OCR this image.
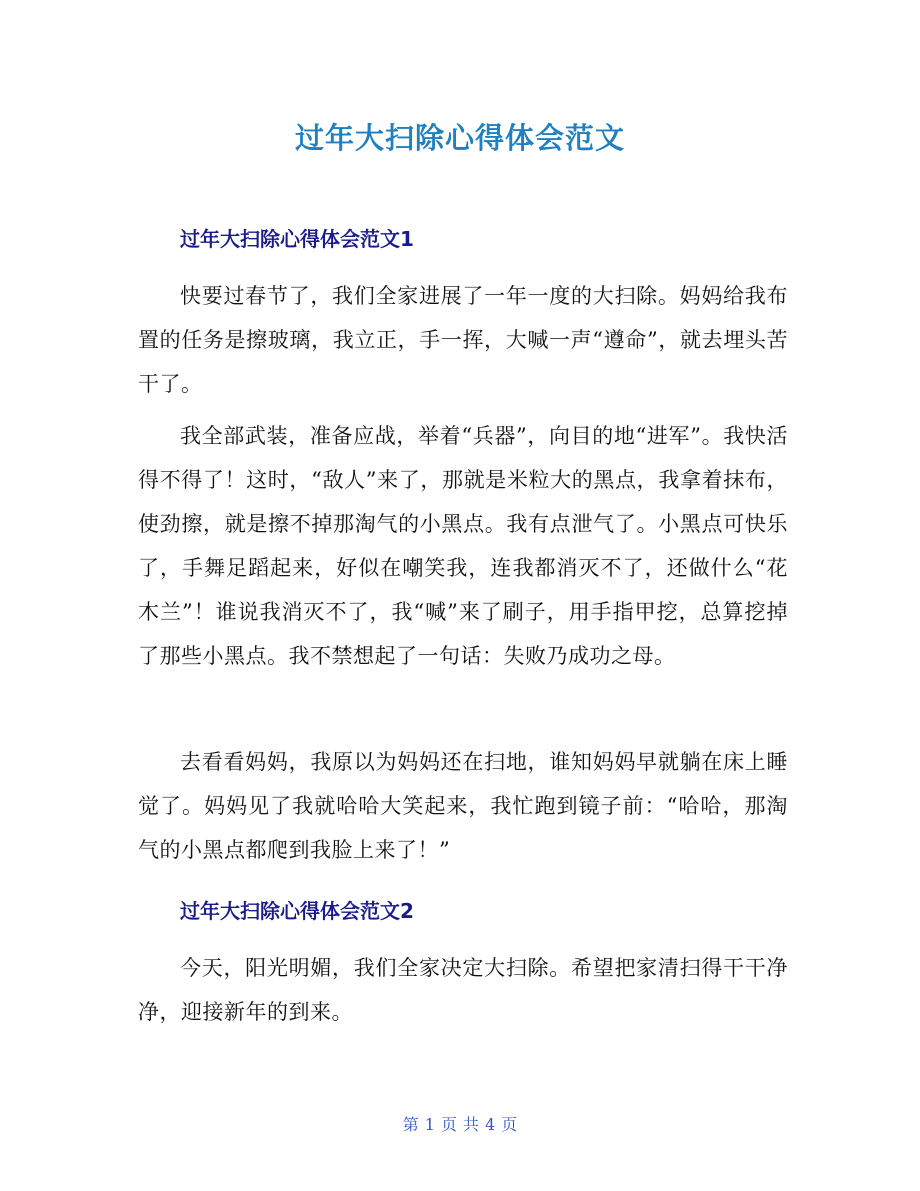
过年大扫除心得体会范文
过年大扫除心得体会范文1

快要过春节了，我们全家进展了一年一度的大扫除。妈妈给我布置的任务是擦玻璃，我立正，手一挥，大喊一声“遵命”，就去埋头苦干了。

我全部武装，准备应战，举着“兵器”，向目的地“进军”。我快活得不得了！这时，“敌人”来了，那就是米粒大的黑点，我拿着抹布，使劲擦，就是擦不掉那淘气的小黑点。我有点泄气了。小黑点可快乐了，手舞足蹈起来，好似在嘲笑我，连我都消灭不了，还做什么“花木兰”！谁说我消灭不了，我“喊”来了刷子，用手指甲挖，总算挖掉了那些小黑点。我不禁想起了一句话：失败乃成功之母。

去看看妈妈，我原以为妈妈还在扫地，谁知妈妈早就躺在床上睡觉了。妈妈见了我就哈哈大笑起来，我忙跑到镜子前：“哈哈，那淘气的小黑点都爬到我脸上来了！”

过年大扫除心得体会范文2

今天，阳光明媚，我们全家决定大扫除。希望把家清扫得干干净净，迎接新年的到来。

第 1 页 共 4 页
